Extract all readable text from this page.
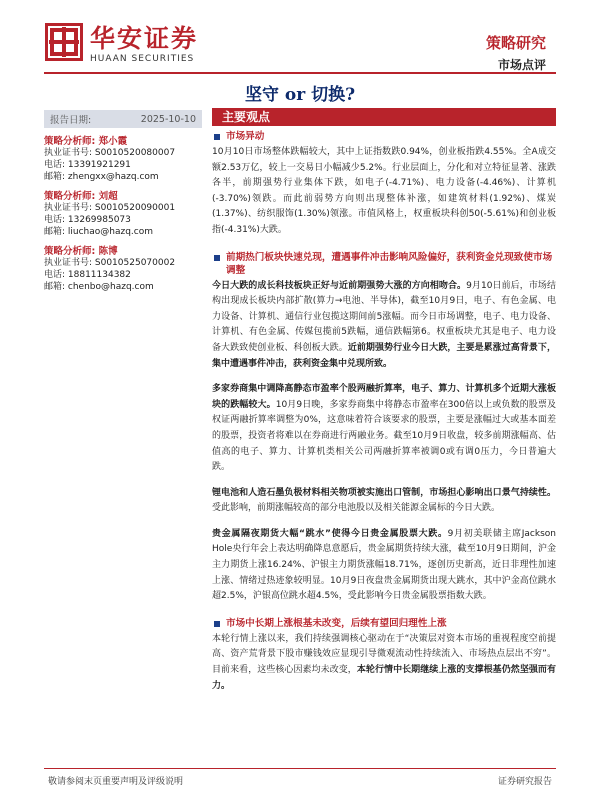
华安证券
HUAAN SECURITIES
策略研究
市场点评
坚守 or 切换?
报告日期:	2025-10-10
策略分析师: 郑小霞
执业证书号: S0010520080007
电话: 13391921291
邮箱: zhengxx@hazq.com
策略分析师: 刘超
执业证书号: S0010520090001
电话: 13269985073
邮箱: liuchao@hazq.com
策略分析师: 陈博
执业证书号: S0010525070002
电话: 18811134382
邮箱: chenbo@hazq.com
主要观点
市场异动

10月10日市场整体跌幅较大，其中上证指数跌0.94%，创业板指跌4.55%。全A成交额2.53万亿，较上一交易日小幅减少5.2%。行业层面上，分化和对立特征显著、涨跌各半，前期强势行业集体下跌，如电子(-4.71%)、电力设备(-4.46%)、计算机(-3.70%)领跌。而此前弱势方向则出现整体补涨，如建筑材料(1.92%)、煤炭(1.37%)、纺织服饰(1.30%)领涨。市值风格上，权重板块科创50(-5.61%)和创业板指(-4.31%)大跌。

前期热门板块快速兑现，遭遇事件冲击影响风险偏好，获利资金兑现致使市场调整

今日大跌的成长科技板块正好与近前期强势大涨的方向相吻合。9月10日前后，市场结构出现成长板块内部扩散(算力→电池、半导体)，截至10月9日，电子、有色金属、电力设备、计算机、通信行业包揽这期间前5涨幅。而今日市场调整，电子、电力设备、计算机、有色金属、传媒包揽前5跌幅，通信跌幅第6。权重板块尤其是电子、电力设备大跌致使创业板、科创板大跌。近前期强势行业今日大跌，主要是累涨过高背景下，集中遭遇事件冲击，获利资金集中兑现所致。

多家券商集中调降高静态市盈率个股两融折算率，电子、算力、计算机多个近期大涨板块的跌幅较大。10月9日晚，多家券商集中将静态市盈率在300倍以上或负数的股票及权证两融折算率调整为0%，这意味着符合该要求的股票，主要是涨幅过大或基本面差的股票，投资者将难以在券商进行两融业务。截至10月9日收盘，较多前期涨幅高、估值高的电子、算力、计算机类相关公司两融折算率被调0或有调0压力，今日普遍大跌。

锂电池和人造石墨负极材料相关物项被实施出口管制，市场担心影响出口景气持续性。受此影响，前期涨幅较高的部分电池股以及相关能源金属标的今日大跌。

贵金属隔夜期货大幅“跳水”使得今日贵金属股票大跌。9月初美联储主席Jackson Hole央行年会上表达明确降息意愿后，贵金属期货持续大涨，截至10月9日期间，沪金主力期货上涨16.24%、沪银主力期货涨幅18.71%，逐创历史新高，近日非理性加速上涨、情绪过热迹象较明显。10月9日夜盘贵金属期货出现大跳水，其中沪金高位跳水超2.5%，沪银高位跳水超4.5%，受此影响今日贵金属股票指数大跌。

市场中长期上涨根基未改变，后续有望回归理性上涨

本轮行情上涨以来，我们持续强调核心驱动在于“决策层对资本市场的重视程度空前提高、资产荒背景下股市赚钱效应显现引导微观流动性持续流入、市场热点层出不穷”。目前来看，这些核心因素均未改变，本轮行情中长期继续上涨的支撑根基仍然坚强而有力。

敬请参阅末页重要声明及评级说明	证券研究报告
